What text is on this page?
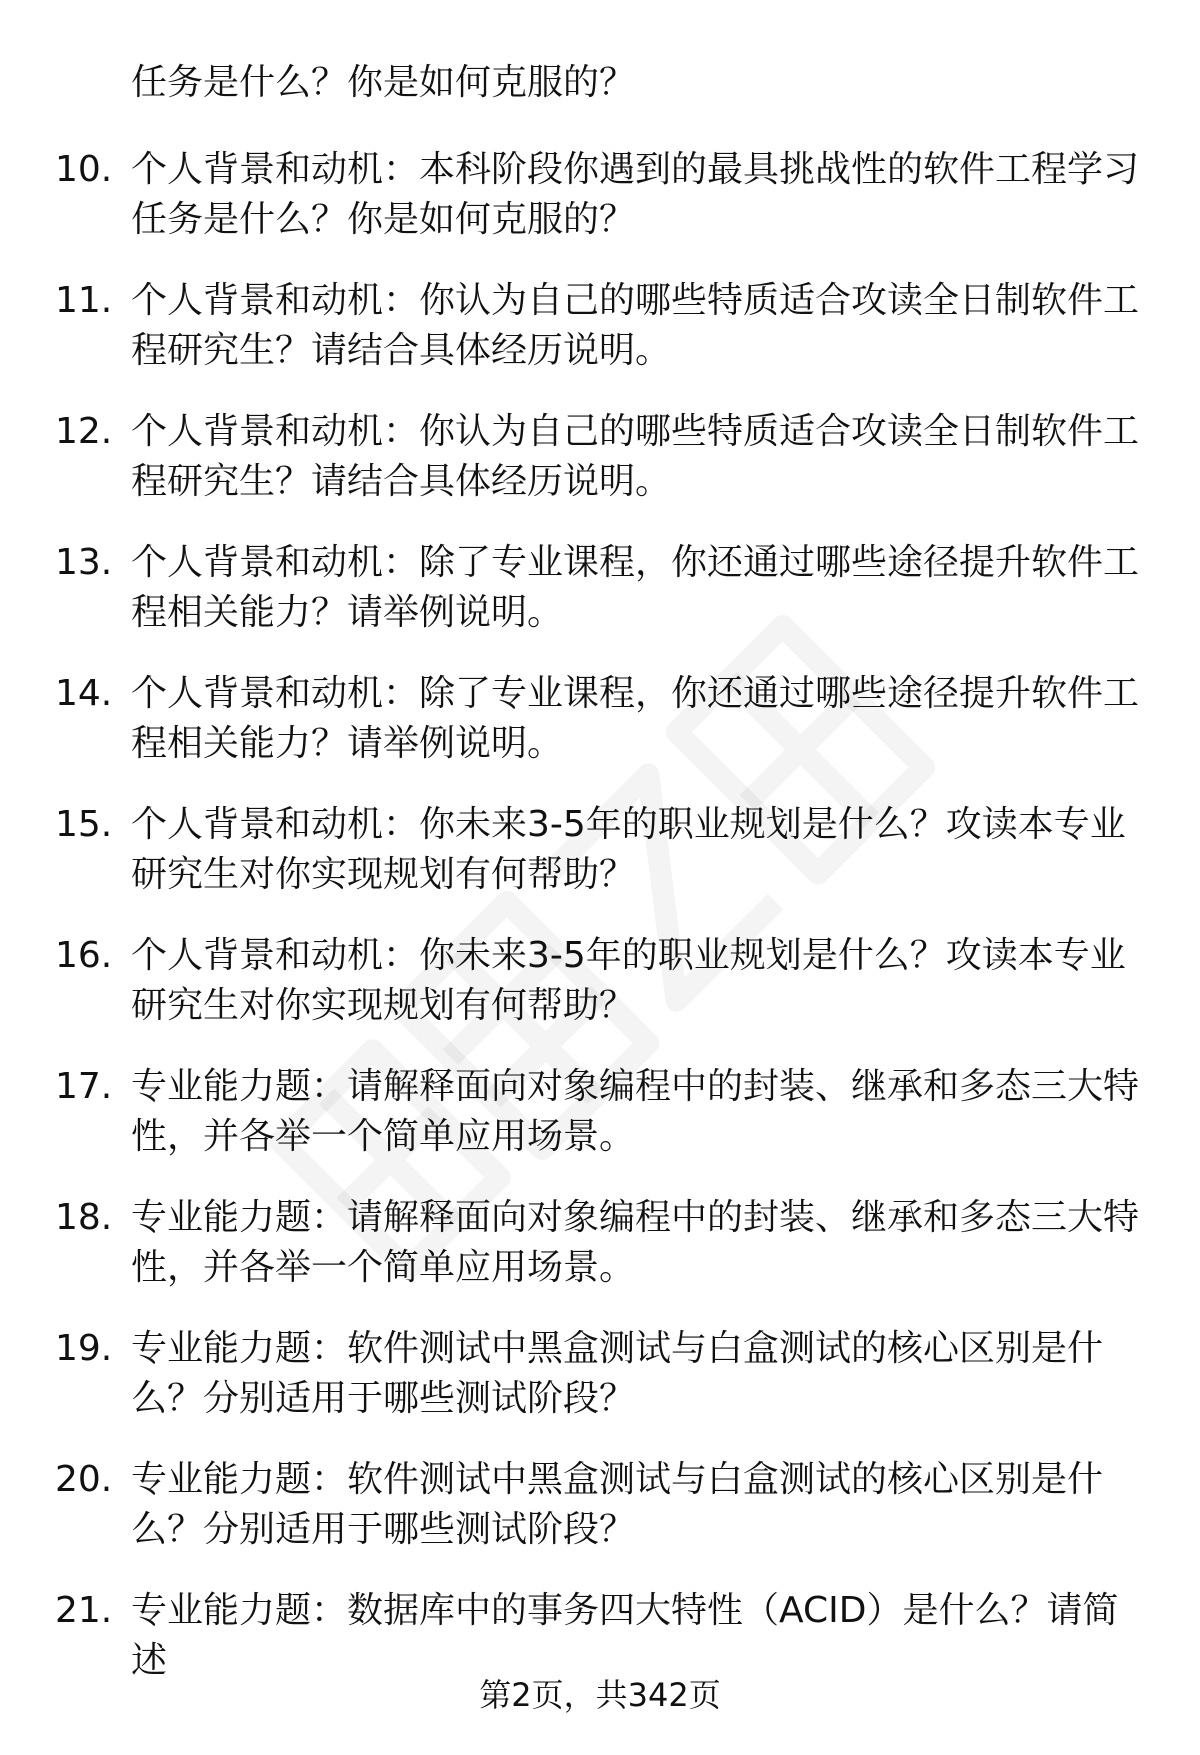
任务是什么？你是如何克服的？
10. 个人背景和动机：本科阶段你遇到的最具挑战性的软件工程学习
任务是什么？你是如何克服的？
11. 个人背景和动机：你认为自己的哪些特质适合攻读全日制软件工
程研究生？请结合具体经历说明。
12. 个人背景和动机：你认为自己的哪些特质适合攻读全日制软件工
程研究生？请结合具体经历说明。
13. 个人背景和动机：除了专业课程，你还通过哪些途径提升软件工
程相关能力？请举例说明。
14. 个人背景和动机：除了专业课程，你还通过哪些途径提升软件工
程相关能力？请举例说明。
15. 个人背景和动机：你未来3-5年的职业规划是什么？攻读本专业
研究生对你实现规划有何帮助？
16. 个人背景和动机：你未来3-5年的职业规划是什么？攻读本专业
研究生对你实现规划有何帮助？
17. 专业能力题：请解释面向对象编程中的封装、继承和多态三大特
性，并各举一个简单应用场景。
18. 专业能力题：请解释面向对象编程中的封装、继承和多态三大特
性，并各举一个简单应用场景。
19. 专业能力题：软件测试中黑盒测试与白盒测试的核心区别是什
么？分别适用于哪些测试阶段？
20. 专业能力题：软件测试中黑盒测试与白盒测试的核心区别是什
么？分别适用于哪些测试阶段？
21. 专业能力题：数据库中的事务四大特性（ACID）是什么？请简述
第2页，共342页
